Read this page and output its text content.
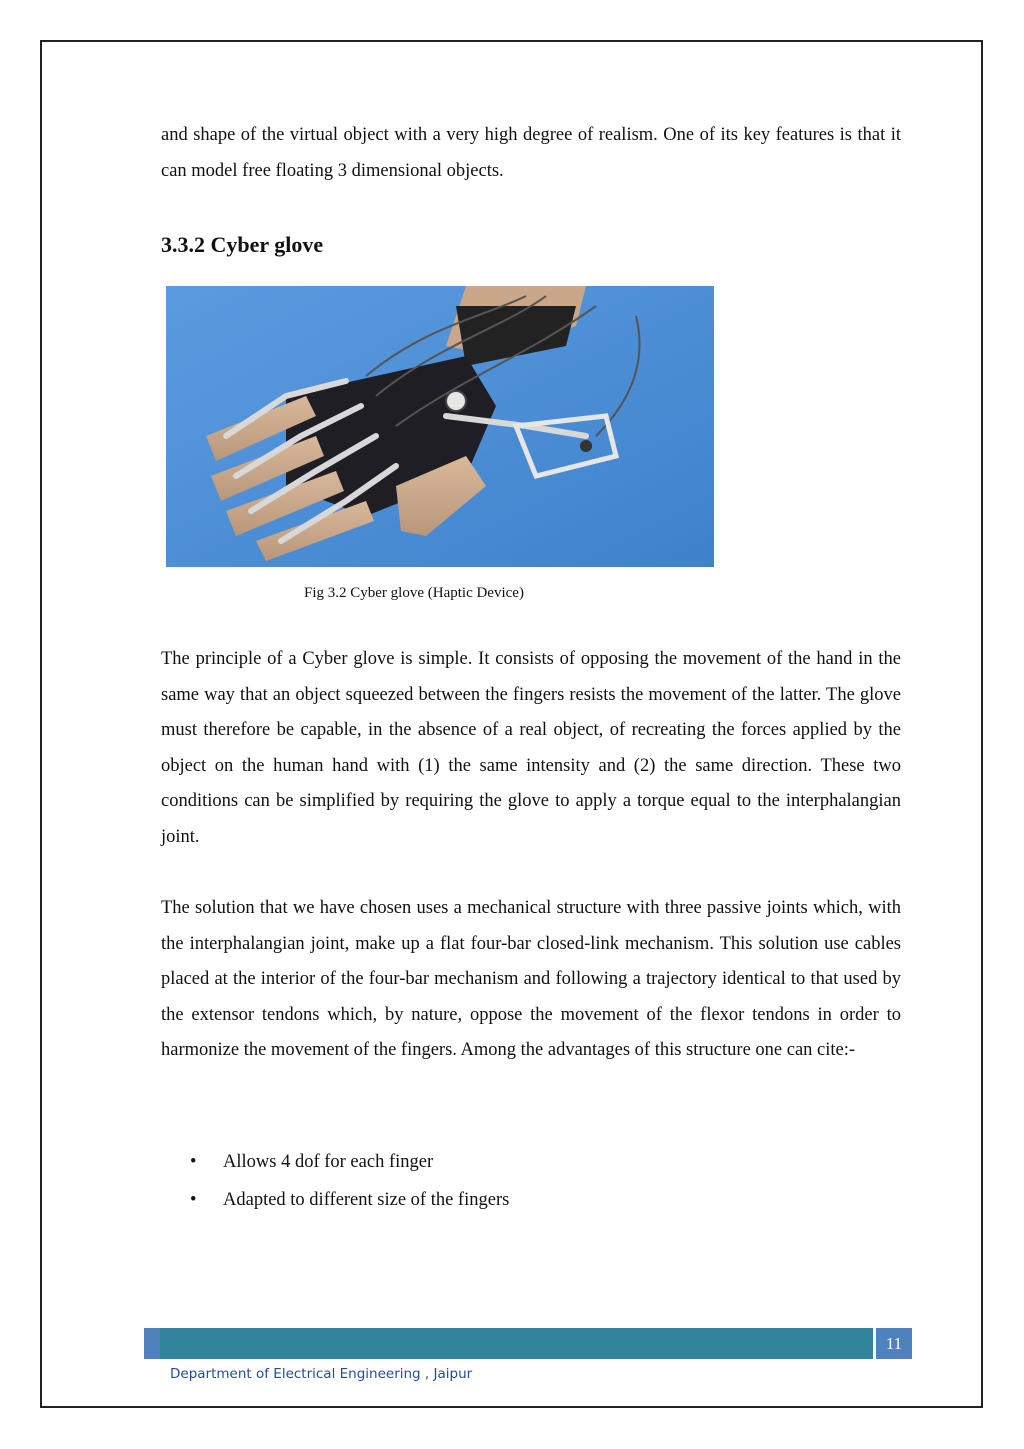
and shape of the virtual object with a very high degree of realism. One of its key features is that it can model free floating 3 dimensional objects.

3.3.2 Cyber glove

Fig 3.2 Cyber glove (Haptic Device)

The principle of a Cyber glove is simple. It consists of opposing the movement of the hand in the same way that an object squeezed between the fingers resists the movement of the latter. The glove must therefore be capable, in the absence of a real object, of recreating the forces applied by the object on the human hand with (1) the same intensity and (2) the same direction. These two conditions can be simplified by requiring the glove to apply a torque equal to the interphalangian joint.

The solution that we have chosen uses a mechanical structure with three passive joints which, with the interphalangian joint, make up a flat four-bar closed-link mechanism. This solution use cables placed at the interior of the four-bar mechanism and following a trajectory identical to that used by the extensor tendons which, by nature, oppose the movement of the flexor tendons in order to harmonize the movement of the fingers. Among the advantages of this structure one can cite:-

• Allows 4 dof for each finger
• Adapted to different size of the fingers
11

Department of Electrical Engineering , Jaipur
